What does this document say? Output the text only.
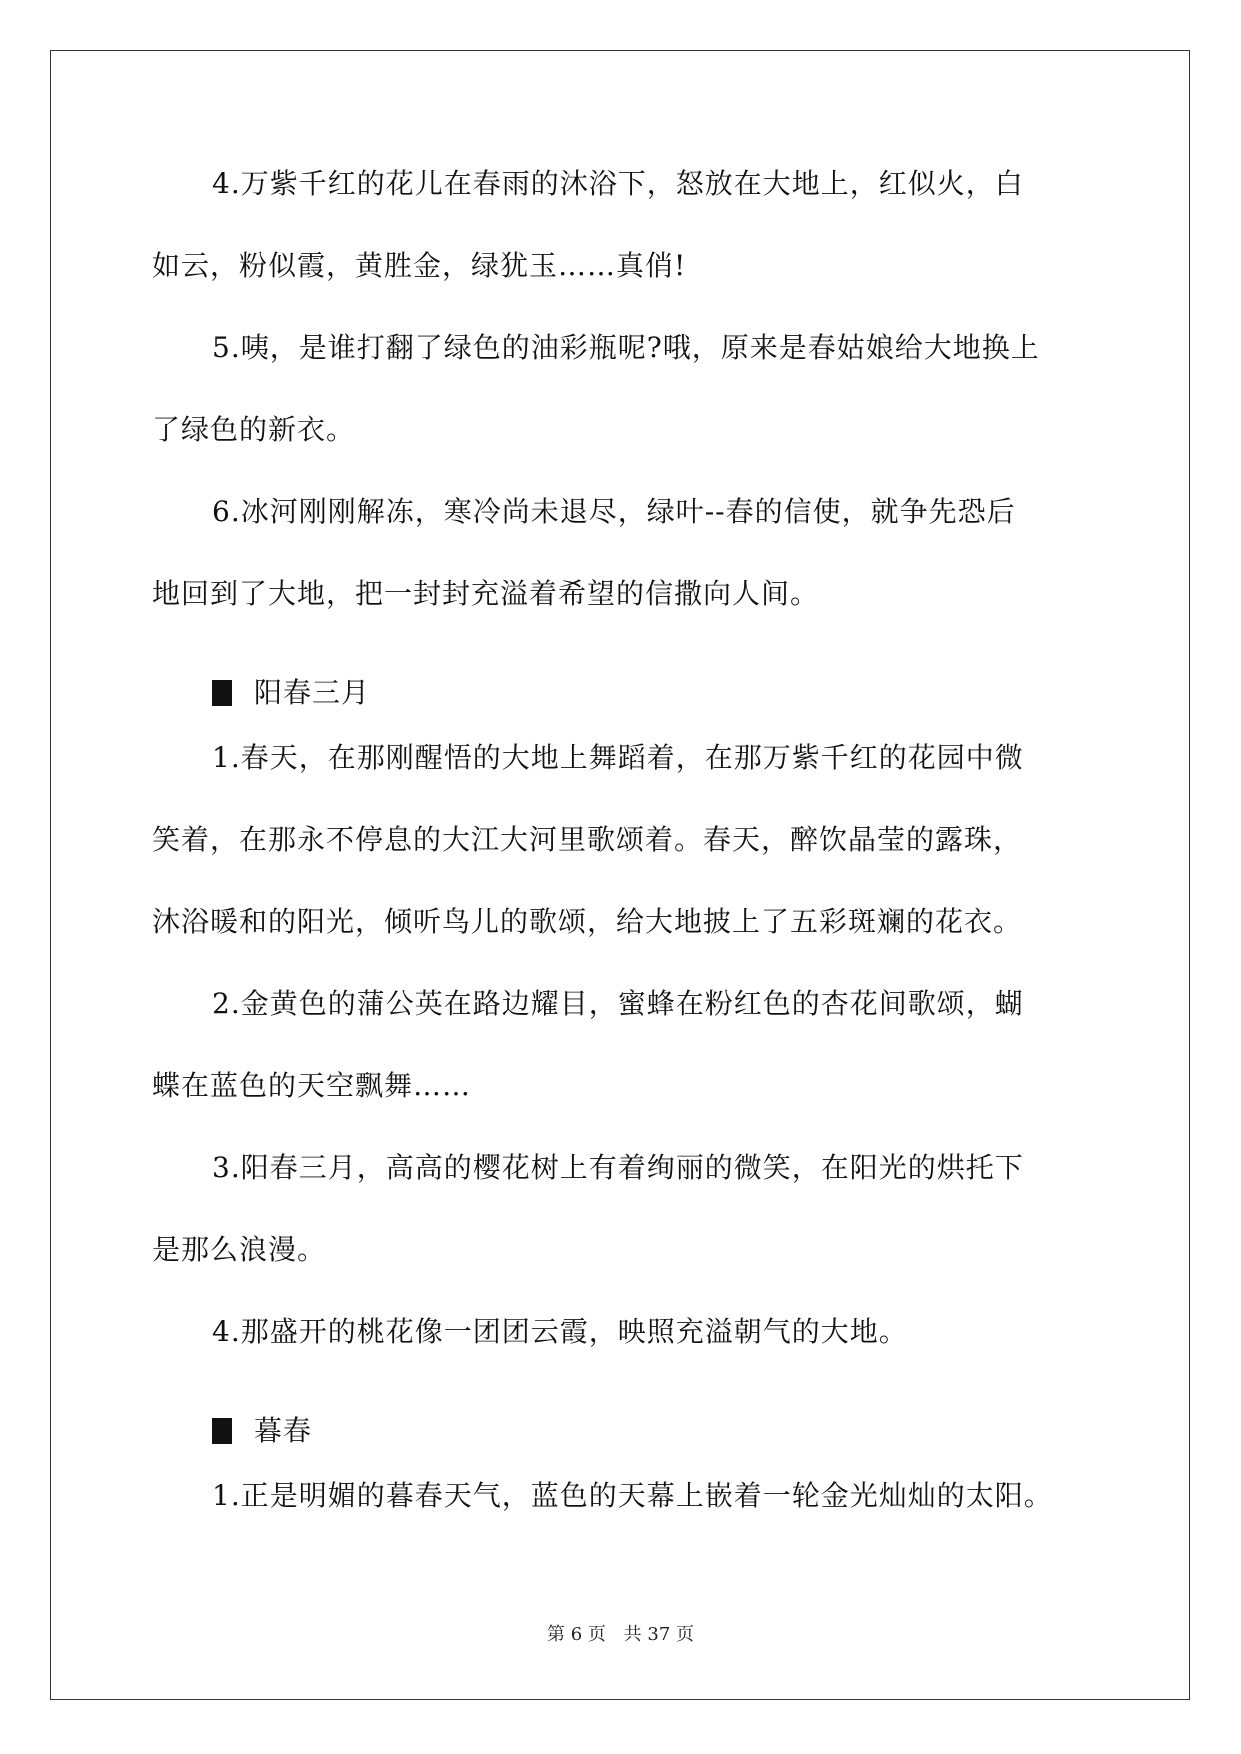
4.万紫千红的花儿在春雨的沐浴下，怒放在大地上，红似火，白
如云，粉似霞，黄胜金，绿犹玉……真俏!
5.咦，是谁打翻了绿色的油彩瓶呢?哦，原来是春姑娘给大地换上
了绿色的新衣。
6.冰河刚刚解冻，寒冷尚未退尽，绿叶--春的信使，就争先恐后
地回到了大地，把一封封充溢着希望的信撒向人间。
阳春三月
1.春天，在那刚醒悟的大地上舞蹈着，在那万紫千红的花园中微
笑着，在那永不停息的大江大河里歌颂着。春天，醉饮晶莹的露珠，
沐浴暖和的阳光，倾听鸟儿的歌颂，给大地披上了五彩斑斓的花衣。
2.金黄色的蒲公英在路边耀目，蜜蜂在粉红色的杏花间歌颂，蝴
蝶在蓝色的天空飘舞……
3.阳春三月，高高的樱花树上有着绚丽的微笑，在阳光的烘托下
是那么浪漫。
4.那盛开的桃花像一团团云霞，映照充溢朝气的大地。
暮春
1.正是明媚的暮春天气，蓝色的天幕上嵌着一轮金光灿灿的太阳。
第 6 页 共 37 页
